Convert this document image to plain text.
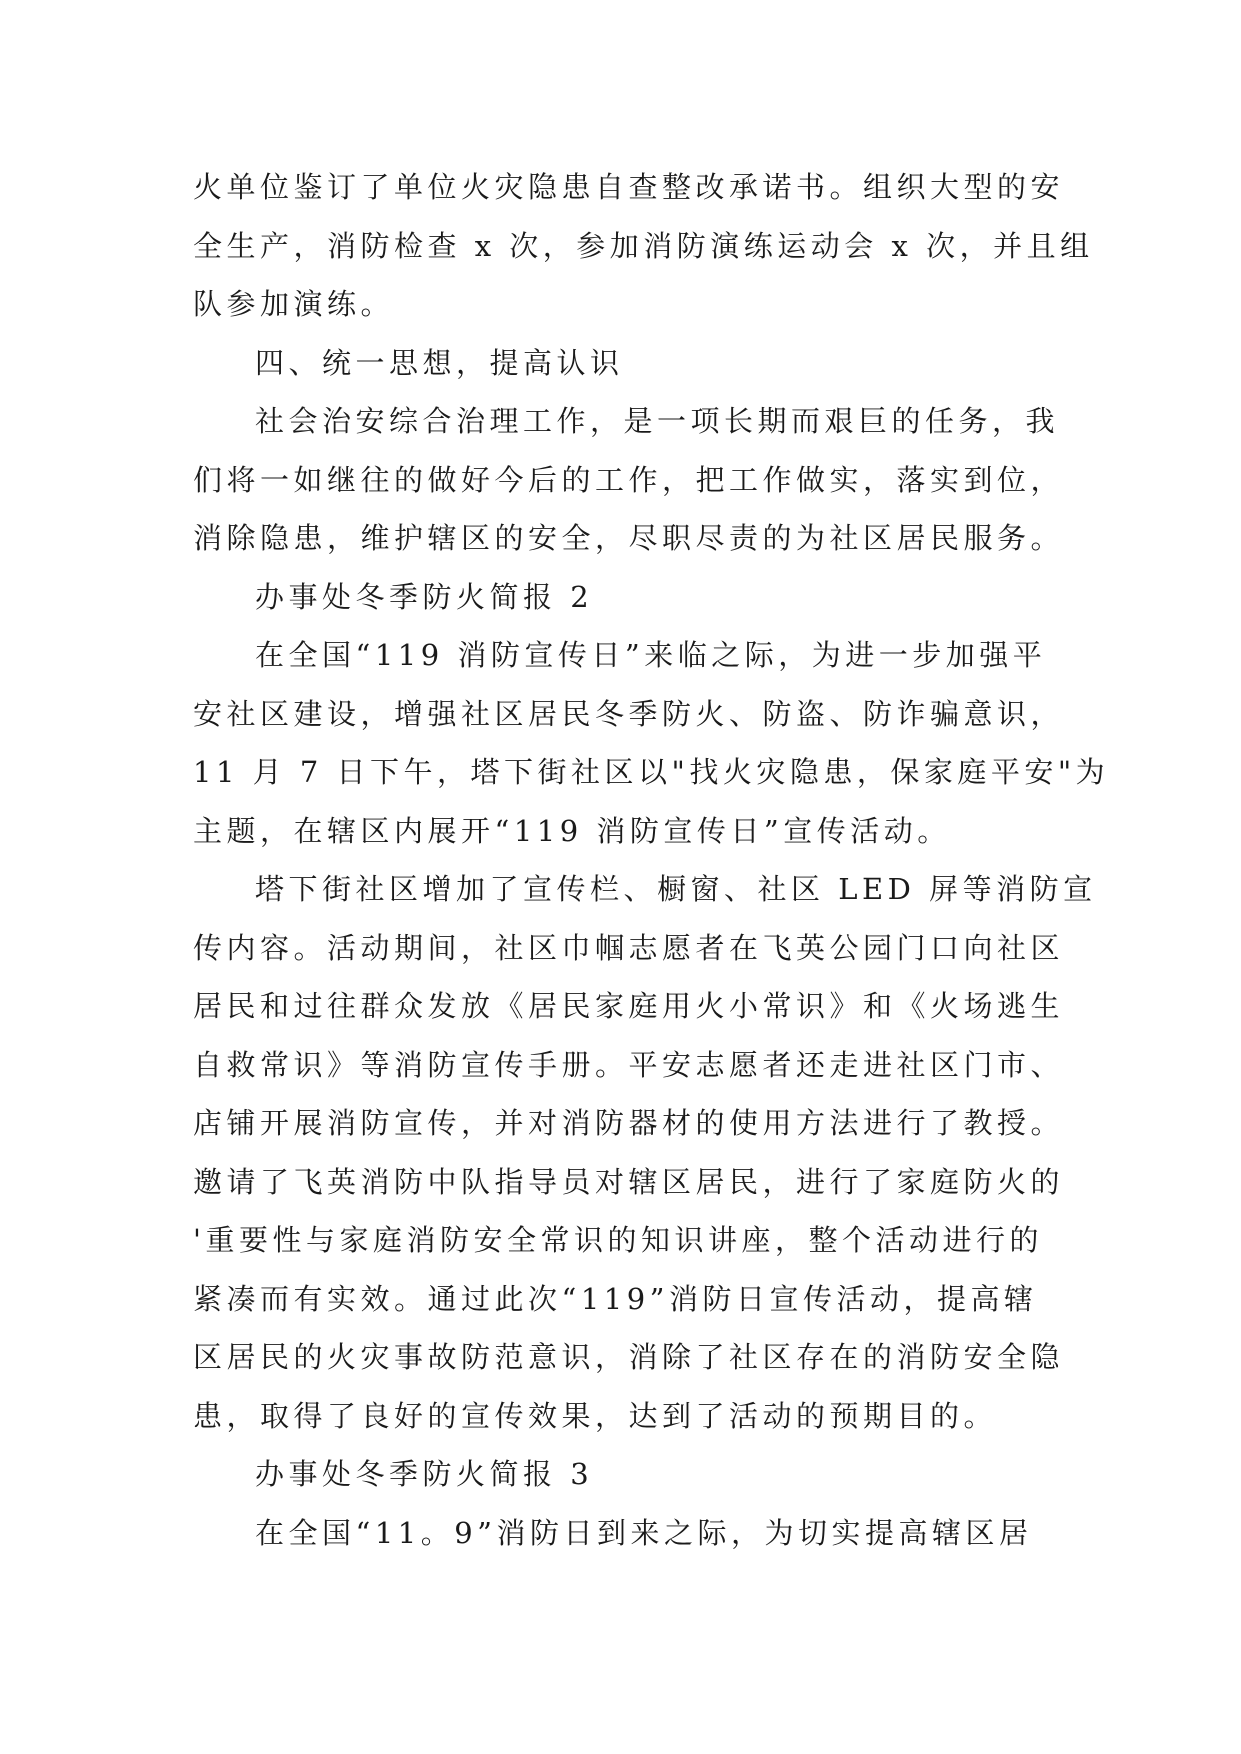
火单位鉴订了单位火灾隐患自查整改承诺书。组织大型的安
全生产，消防检查 x 次，参加消防演练运动会 x 次，并且组
队参加演练。
四、统一思想，提高认识
社会治安综合治理工作，是一项长期而艰巨的任务，我
们将一如继往的做好今后的工作，把工作做实，落实到位，
消除隐患，维护辖区的安全，尽职尽责的为社区居民服务。
办事处冬季防火简报 2
在全国“119 消防宣传日”来临之际，为进一步加强平
安社区建设，增强社区居民冬季防火、防盗、防诈骗意识，
11 月 7 日下午，塔下街社区以"找火灾隐患，保家庭平安"为
主题，在辖区内展开“119 消防宣传日”宣传活动。
塔下街社区增加了宣传栏、橱窗、社区 LED 屏等消防宣
传内容。活动期间，社区巾帼志愿者在飞英公园门口向社区
居民和过往群众发放《居民家庭用火小常识》和《火场逃生
自救常识》等消防宣传手册。平安志愿者还走进社区门市、
店铺开展消防宣传，并对消防器材的使用方法进行了教授。
邀请了飞英消防中队指导员对辖区居民，进行了家庭防火的
'重要性与家庭消防安全常识的知识讲座，整个活动进行的
紧凑而有实效。通过此次“119”消防日宣传活动，提高辖
区居民的火灾事故防范意识，消除了社区存在的消防安全隐
患，取得了良好的宣传效果，达到了活动的预期目的。
办事处冬季防火简报 3
在全国“11。9”消防日到来之际，为切实提高辖区居
